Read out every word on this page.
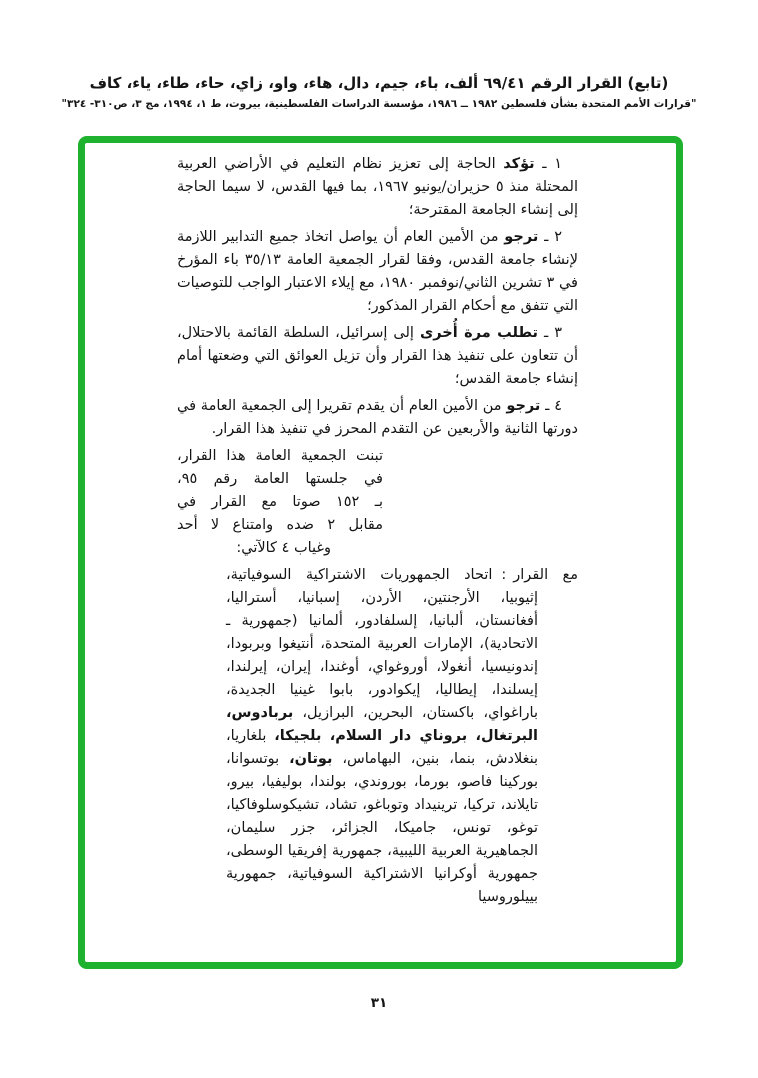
(تابع) القرار الرقم ٦٩/٤١ ألف، باء، جيم، دال، هاء، واو، زاي، حاء، طاء، ياء، كاف
"قرارات الأمم المتحدة بشأن فلسطين ١٩٨٢ ــ ١٩٨٦، مؤسسة الدراسات الفلسطينية، بيروت، ط ١، ١٩٩٤، مج ٣، ص٣١٠- ٣٢٤"
١ ـ تؤكد الحاجة إلى تعزيز نظام التعليم في الأراضي العربية المحتلة منذ ٥ حزيران/يونيو ١٩٦٧، بما فيها القدس، لا سيما الحاجة إلى إنشاء الجامعة المقترحة؛
٢ ـ ترجو من الأمين العام أن يواصل اتخاذ جميع التدابير اللازمة لإنشاء جامعة القدس، وفقا لقرار الجمعية العامة ٣٥/١٣ باء المؤرخ في ٣ تشرين الثاني/نوفمبر ١٩٨٠، مع إيلاء الاعتبار الواجب للتوصيات التي تتفق مع أحكام القرار المذكور؛
٣ ـ تطلب مرة أُخرى إلى إسرائيل، السلطة القائمة بالاحتلال، أن تتعاون على تنفيذ هذا القرار وأن تزيل العوائق التي وضعتها أمام إنشاء جامعة القدس؛
٤ ـ ترجو من الأمين العام أن يقدم تقريرا إلى الجمعية العامة في دورتها الثانية والأربعين عن التقدم المحرز في تنفيذ هذا القرار.
تبنت الجمعية العامة هذا القرار،
في جلستها العامة رقم ٩٥،
بـ ١٥٢ صوتا مع القرار في
مقابل ٢ ضده وامتناع لا أحد
وغياب ٤ كالآتي:
مع القرار:اتحاد الجمهوريات الاشتراكية السوفياتية، إثيوبيا، الأرجنتين، الأردن، إسبانيا، أستراليا، أفغانستان، ألبانيا، إلسلفادور، ألمانيا (جمهورية ـ الاتحادية)، الإمارات العربية المتحدة، أنتيغوا وبربودا، إندونيسيا، أنغولا، أوروغواي، أوغندا، إيران، إيرلندا، إيسلندا، إيطاليا، إيكوادور، بابوا غينيا الجديدة، باراغواي، باكستان، البحرين، البرازيل، بربادوس، البرتغال، بروناي دار السلام، بلجيكا، بلغاريا، بنغلادش، بنما، بنين، البهاماس، بوتان، بوتسوانا، بوركينا فاصو، بورما، بوروندي، بولندا، بوليفيا، بيرو، تايلاند، تركيا، ترينيداد وتوباغو، تشاد، تشيكوسلوفاكيا، توغو، تونس، جاميكا، الجزائر، جزر سليمان، الجماهيرية العربية الليبية، جمهورية إفريقيا الوسطى، جمهورية أوكرانيا الاشتراكية السوفياتية، جمهورية بييلوروسيا
٣١
